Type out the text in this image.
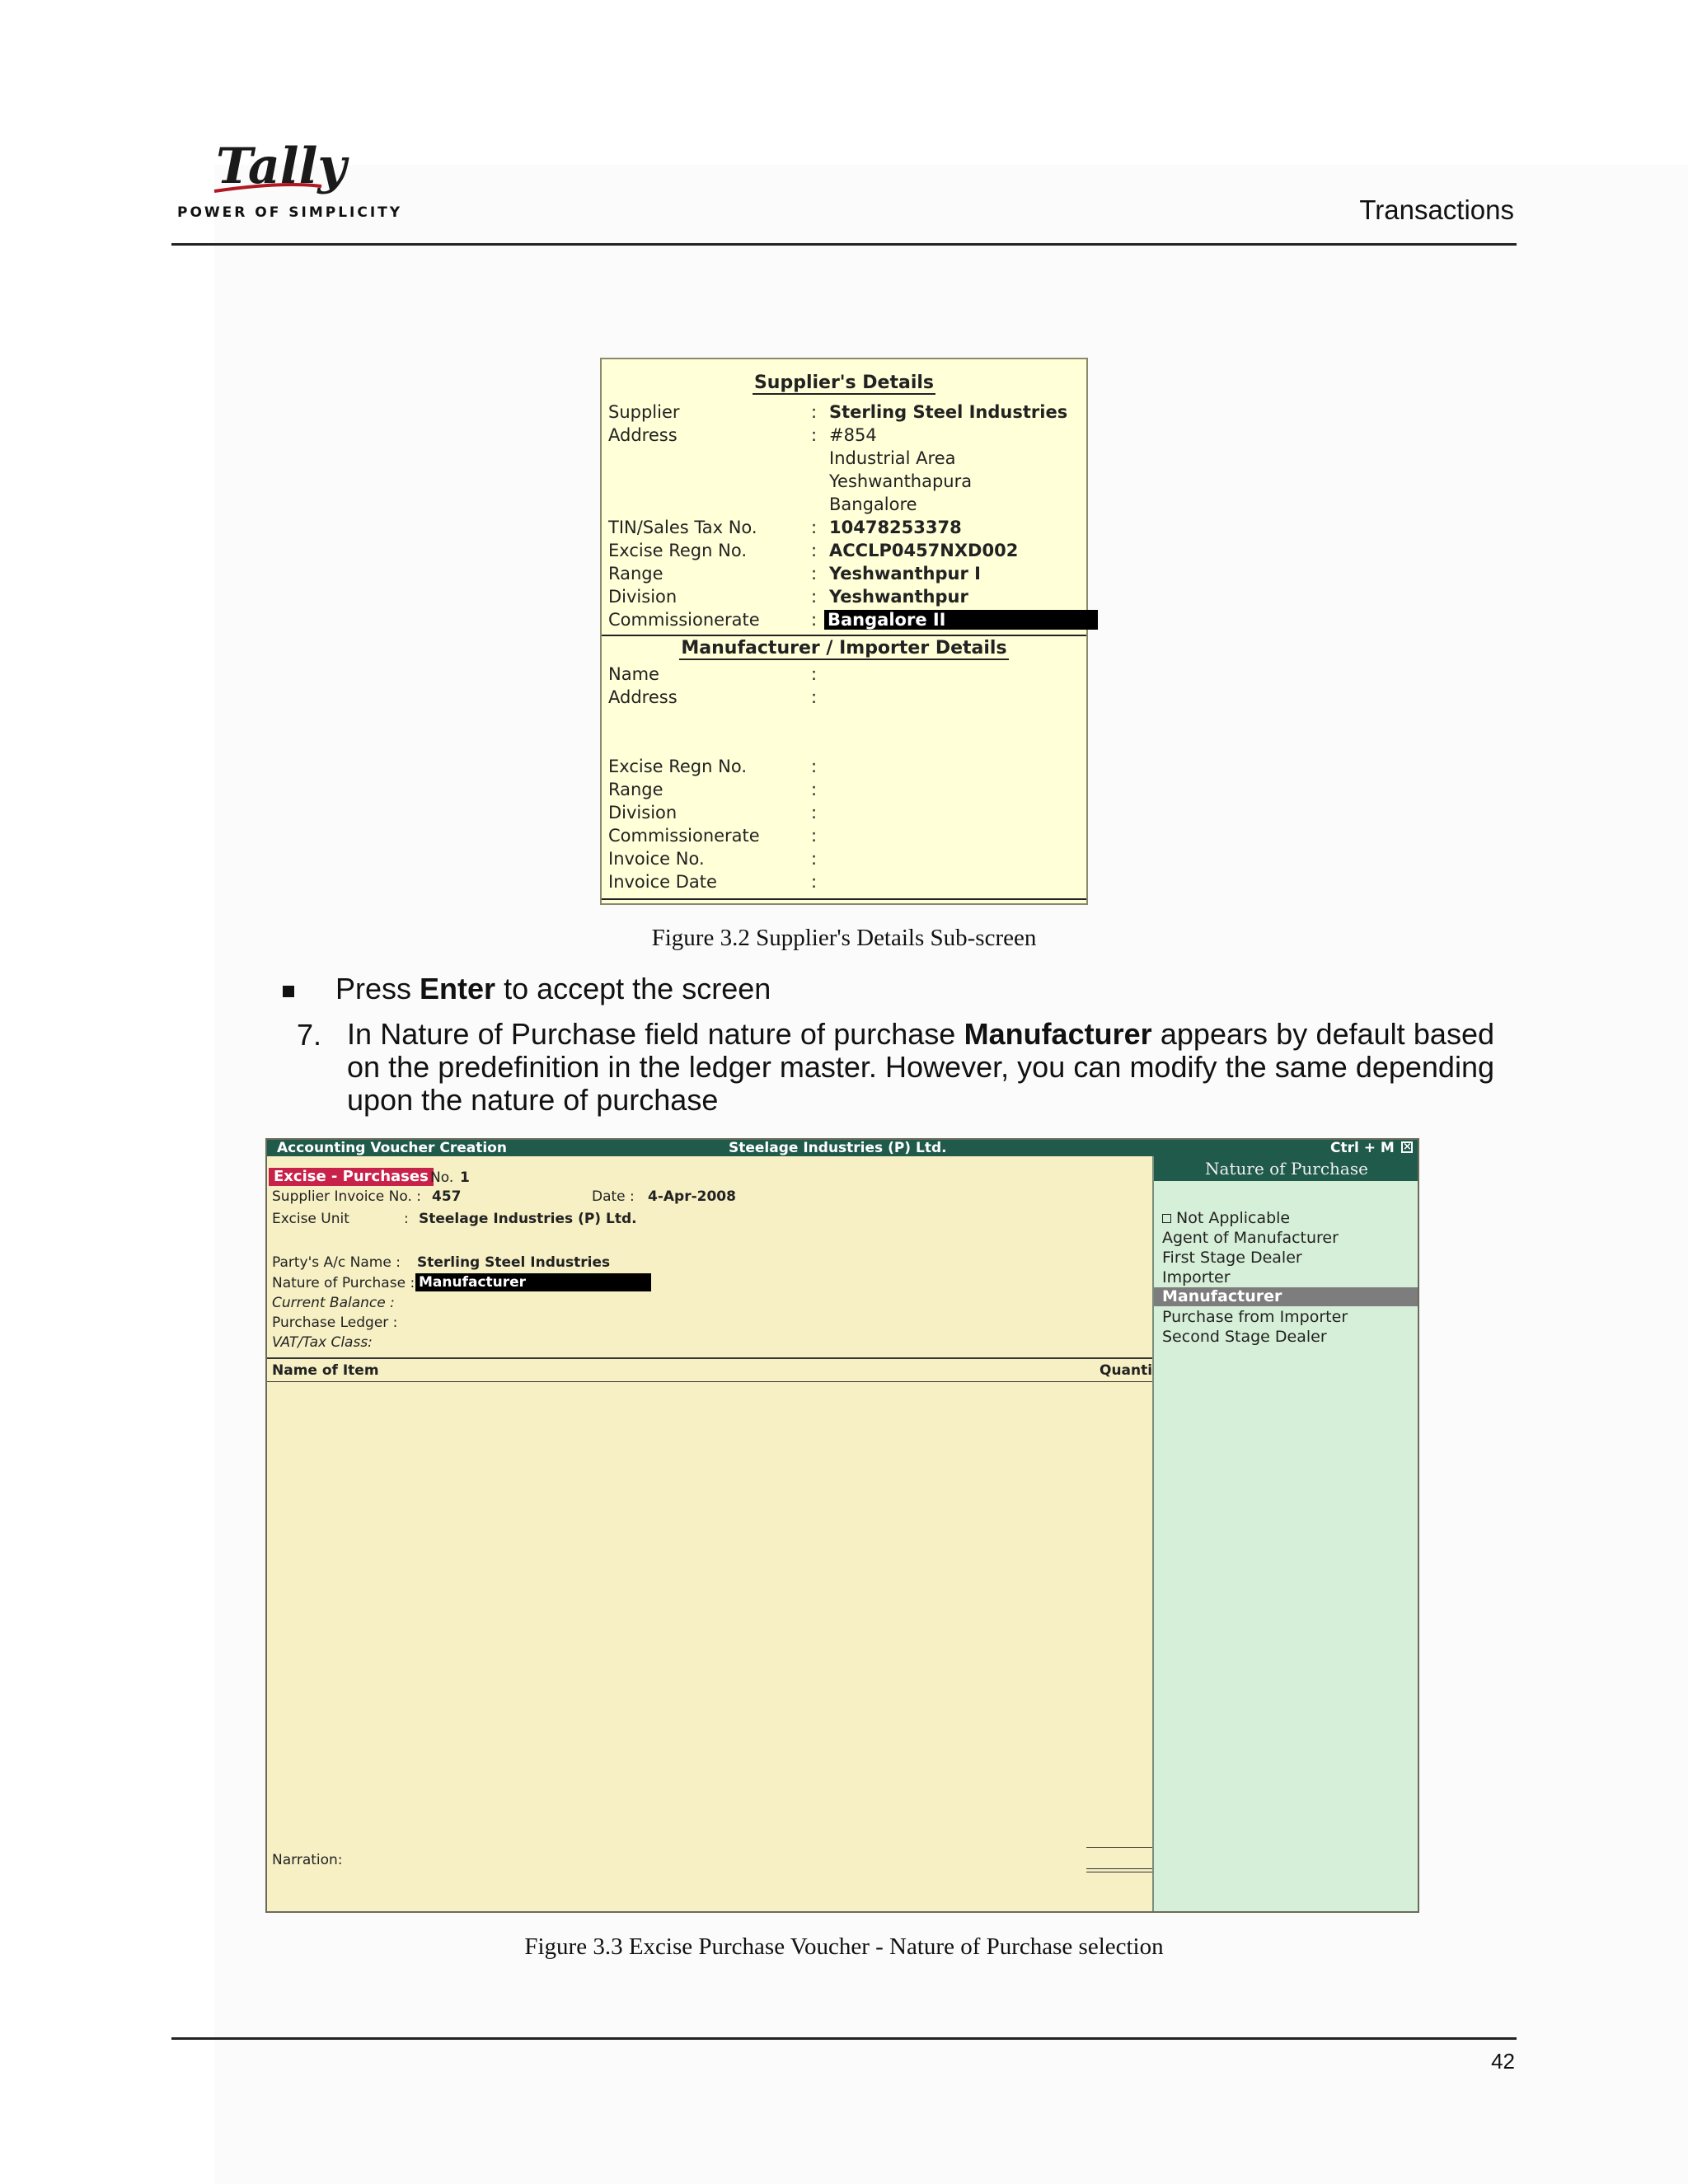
Tally
POWER OF SIMPLICITY	Transactions
Supplier's Details
Supplier	: Sterling Steel Industries
Address	: #854
Industrial Area
Yeshwanthapura
Bangalore
TIN/Sales Tax No.	: 10478253378
Excise Regn No.	: ACCLP0457NXD002
Range	: Yeshwanthpur I
Division	: Yeshwanthpur
Commissionerate	: Bangalore II
Manufacturer / Importer Details
Name	:
Address	:
Excise Regn No.	:
Range	:
Division	:
Commissionerate	:
Invoice No.	:
Invoice Date	:
Figure 3.2 Supplier's Details Sub-screen
Press Enter to accept the screen
7. In Nature of Purchase field nature of purchase Manufacturer appears by default based on the predefinition in the ledger master. However, you can modify the same depending upon the nature of purchase
Accounting Voucher Creation	Steelage Industries (P) Ltd.	Ctrl + M ×
Excise - Purchases No. 1
Supplier Invoice No. : 457	Date : 4-Apr-2008
Excise Unit	: Steelage Industries (P) Ltd.
Party's A/c Name : Sterling Steel Industries
Nature of Purchase : Manufacturer
Current Balance :
Purchase Ledger :
VAT/Tax Class:
Name of Item	Quanti
Narration:
Nature of Purchase
Not Applicable
Agent of Manufacturer
First Stage Dealer
Importer
Manufacturer
Purchase from Importer
Second Stage Dealer
Figure 3.3 Excise Purchase Voucher - Nature of Purchase selection
42
